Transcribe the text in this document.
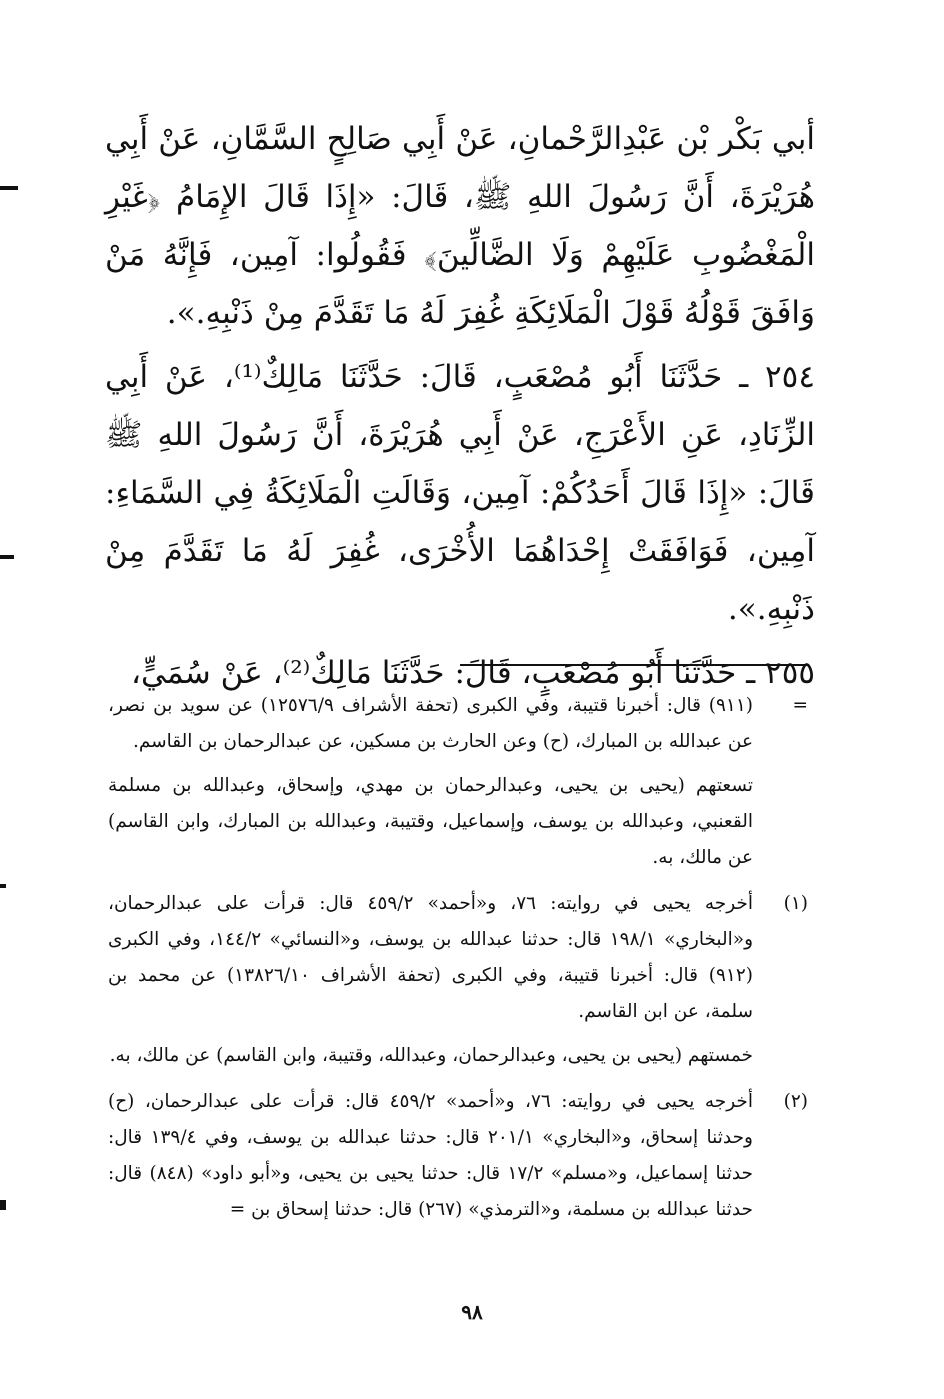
أبي بَكْر بْن عَبْدِالرَّحْمانِ، عَنْ أَبِي صَالِحٍ السَّمَّانِ، عَنْ أَبِي هُرَيْرَةَ، أَنَّ رَسُولَ اللهِ ﷺ، قَالَ: «إِذَا قَالَ الإِمَامُ ﴿غَيْرِ الْمَغْضُوبِ عَلَيْهِمْ وَلَا الضَّالِّينَ﴾ فَقُولُوا: آمِين، فَإِنَّهُ مَنْ وَافَقَ قَوْلُهُ قَوْلَ الْمَلَائِكَةِ غُفِرَ لَهُ مَا تَقَدَّمَ مِنْ ذَنْبِهِ.».

٢٥٤ ـ حَدَّثَنَا أَبُو مُصْعَبٍ، قَالَ: حَدَّثَنَا مَالِكٌ⁽¹⁾، عَنْ أَبِي الزِّنَادِ، عَنِ الأَعْرَجِ، عَنْ أَبِي هُرَيْرَةَ، أَنَّ رَسُولَ اللهِ ﷺ قَالَ: «إِذَا قَالَ أَحَدُكُمْ: آمِين، وَقَالَتِ الْمَلَائِكَةُ فِي السَّمَاءِ: آمِين، فَوَافَقَتْ إِحْدَاهُمَا الأُخْرَى، غُفِرَ لَهُ مَا تَقَدَّمَ مِنْ ذَنْبِهِ.».

٢٥٥ ـ حَدَّثَنَا أَبُو مُصْعَبٍ، قَالَ: حَدَّثَنَا مَالِكٌ⁽²⁾، عَنْ سُمَيٍّ،

=
(٩١١) قال: أخبرنا قتيبة، وفي الكبرى (تحفة الأشراف ١٢٥٧٦/٩) عن سويد بن نصر، عن عبدالله بن المبارك، (ح) وعن الحارث بن مسكين، عن عبدالرحمان بن القاسم.

تسعتهم (يحيى بن يحيى، وعبدالرحمان بن مهدي، وإسحاق، وعبدالله بن مسلمة القعنبي، وعبدالله بن يوسف، وإسماعيل، وقتيبة، وعبدالله بن المبارك، وابن القاسم) عن مالك، به.

(١)
أخرجه يحيى في روايته: ٧٦، و«أحمد» ٤٥٩/٢ قال: قرأت على عبدالرحمان، و«البخاري» ١٩٨/١ قال: حدثنا عبدالله بن يوسف، و«النسائي» ١٤٤/٢، وفي الكبرى (٩١٢) قال: أخبرنا قتيبة، وفي الكبرى (تحفة الأشراف ١٣٨٢٦/١٠) عن محمد بن سلمة، عن ابن القاسم.

خمستهم (يحيى بن يحيى، وعبدالرحمان، وعبدالله، وقتيبة، وابن القاسم) عن مالك، به.

(٢)
أخرجه يحيى في روايته: ٧٦، و«أحمد» ٤٥٩/٢ قال: قرأت على عبدالرحمان، (ح) وحدثنا إسحاق، و«البخاري» ٢٠١/١ قال: حدثنا عبدالله بن يوسف، وفي ١٣٩/٤ قال: حدثنا إسماعيل، و«مسلم» ١٧/٢ قال: حدثنا يحيى بن يحيى، و«أبو داود» (٨٤٨) قال: حدثنا عبدالله بن مسلمة، و«الترمذي» (٢٦٧) قال: حدثنا إسحاق بن =

٩٨
